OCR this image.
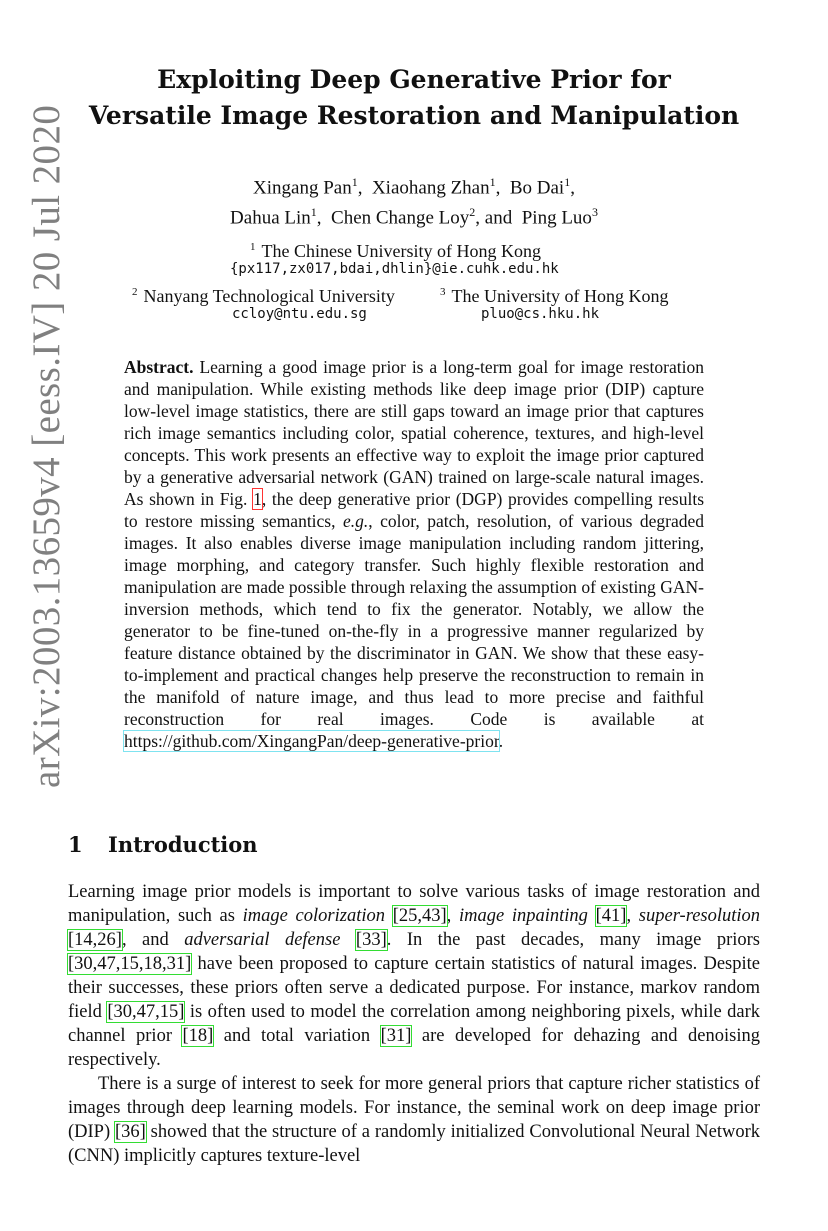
arXiv:2003.13659v4 [eess.IV] 20 Jul 2020
Exploiting Deep Generative Prior for
Versatile Image Restoration and Manipulation
Xingang Pan$^1$,  Xiaohang Zhan$^1$,  Bo Dai$^1$,
Dahua Lin$^1$,  Chen Change Loy$^2$, and Ping Luo$^3$
$^1$ The Chinese University of Hong Kong
{px117,zx017,bdai,dhlin}@ie.cuhk.edu.hk
$^2$ Nanyang Technological University	$^3$ The University of Hong Kong
ccloy@ntu.edu.sg	pluo@cs.hku.hk
Abstract. Learning a good image prior is a long-term goal for image restoration and manipulation. While existing methods like deep image prior (DIP) capture low-level image statistics, there are still gaps toward an image prior that captures rich image semantics including color, spatial coherence, textures, and high-level concepts. This work presents an effective way to exploit the image prior captured by a generative adversarial network (GAN) trained on large-scale natural images. As shown in Fig. 1, the deep generative prior (DGP) provides compelling results to restore missing semantics, e.g., color, patch, resolution, of various degraded images. It also enables diverse image manipulation including random jittering, image morphing, and category transfer. Such highly flexible restoration and manipulation are made possible through relaxing the assumption of existing GAN-inversion methods, which tend to fix the generator. Notably, we allow the generator to be fine-tuned on-the-fly in a progressive manner regularized by feature distance obtained by the discriminator in GAN. We show that these easy-to-implement and practical changes help preserve the reconstruction to remain in the manifold of nature image, and thus lead to more precise and faithful reconstruction for real images. Code is available at https://github.com/XingangPan/deep-generative-prior.
1 Introduction

Learning image prior models is important to solve various tasks of image restoration and manipulation, such as image colorization [25,43], image inpainting [41], super-resolution [14,26], and adversarial defense [33]. In the past decades, many image priors [30,47,15,18,31] have been proposed to capture certain statistics of natural images. Despite their successes, these priors often serve a dedicated purpose. For instance, markov random field [30,47,15] is often used to model the correlation among neighboring pixels, while dark channel prior [18] and total variation [31] are developed for dehazing and denoising respectively.

There is a surge of interest to seek for more general priors that capture richer statistics of images through deep learning models. For instance, the seminal work on deep image prior (DIP) [36] showed that the structure of a randomly initialized Convolutional Neural Network (CNN) implicitly captures texture-level
